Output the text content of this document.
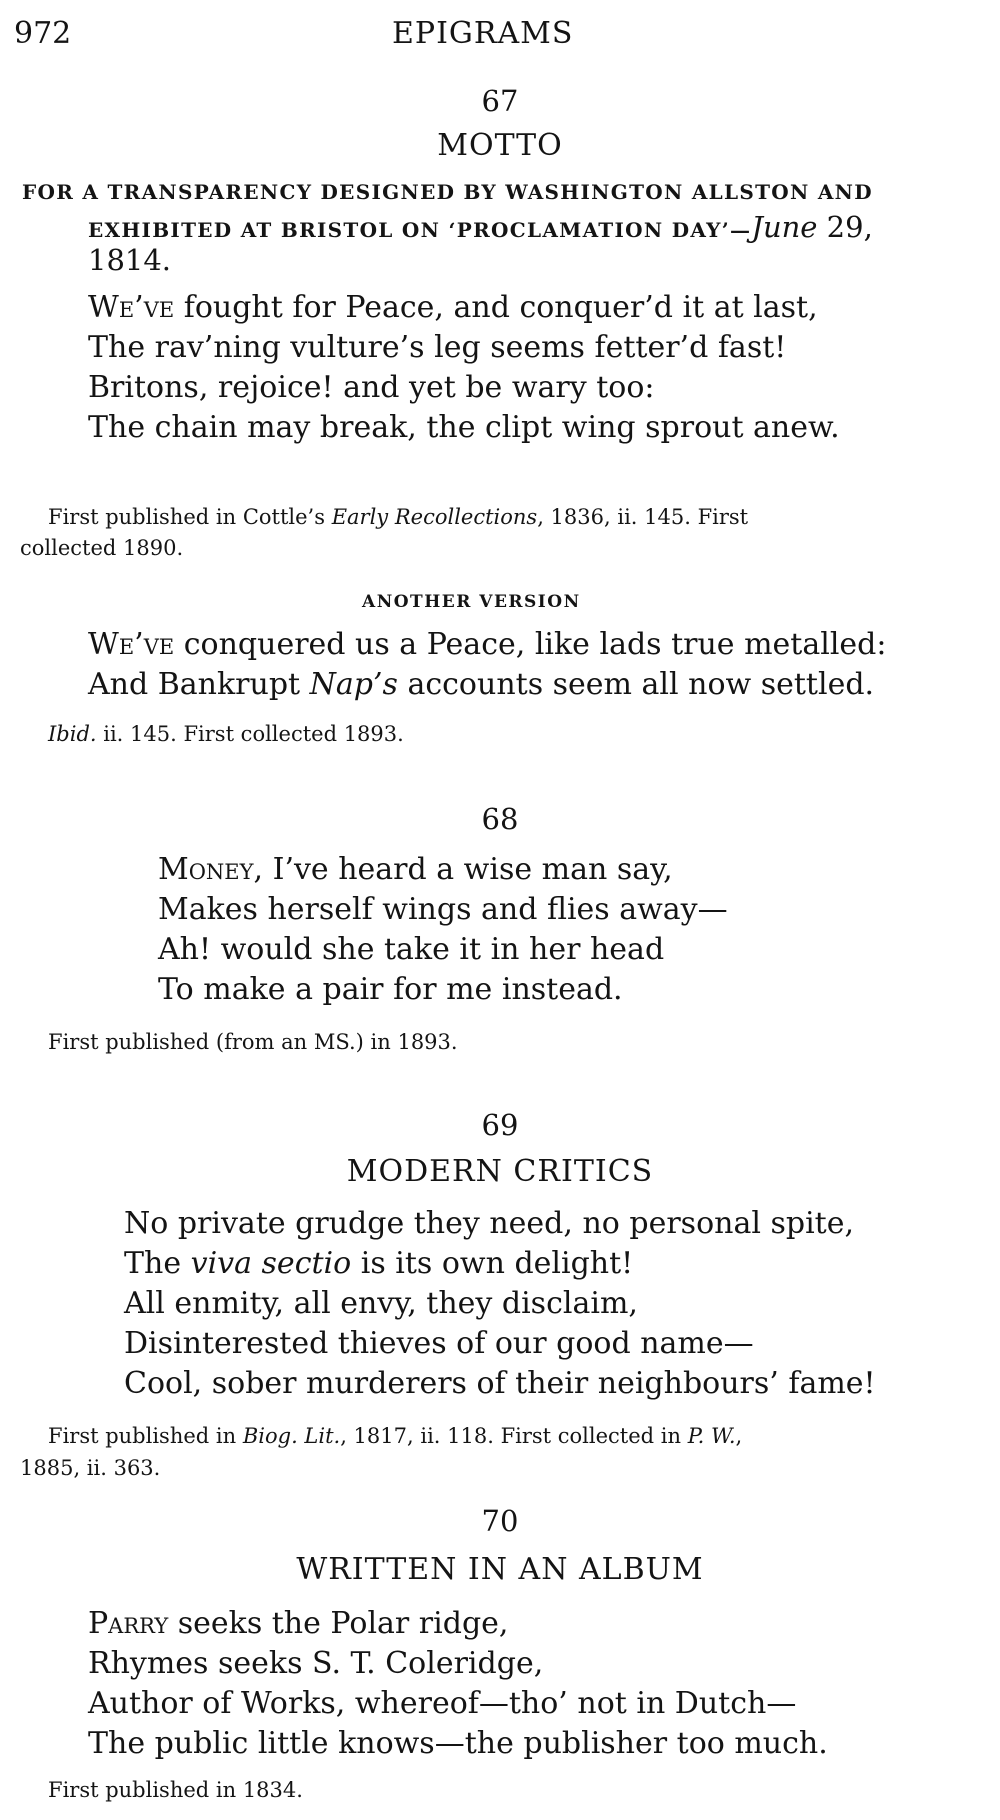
972	EPIGRAMS
67
MOTTO
FOR A TRANSPARENCY DESIGNED BY WASHINGTON ALLSTON AND
EXHIBITED AT BRISTOL ON ‘PROCLAMATION DAY’—June 29,
1814.
We’ve fought for Peace, and conquer’d it at last,
The rav’ning vulture’s leg seems fetter’d fast!
Britons, rejoice! and yet be wary too:
The chain may break, the clipt wing sprout anew.
First published in Cottle’s Early Recollections, 1836, ii. 145. First
collected 1890.
ANOTHER VERSION
We’ve conquered us a Peace, like lads true metalled:
And Bankrupt Nap’s accounts seem all now settled.
Ibid. ii. 145. First collected 1893.
68
Money, I’ve heard a wise man say,
Makes herself wings and flies away—
Ah! would she take it in her head
To make a pair for me instead.
First published (from an MS.) in 1893.
69
MODERN CRITICS
No private grudge they need, no personal spite,
The viva sectio is its own delight!
All enmity, all envy, they disclaim,
Disinterested thieves of our good name—
Cool, sober murderers of their neighbours’ fame!
First published in Biog. Lit., 1817, ii. 118. First collected in P. W.,
1885, ii. 363.
70
WRITTEN IN AN ALBUM
Parry seeks the Polar ridge,
Rhymes seeks S. T. Coleridge,
Author of Works, whereof—tho’ not in Dutch—
The public little knows—the publisher too much.
First published in 1834.
